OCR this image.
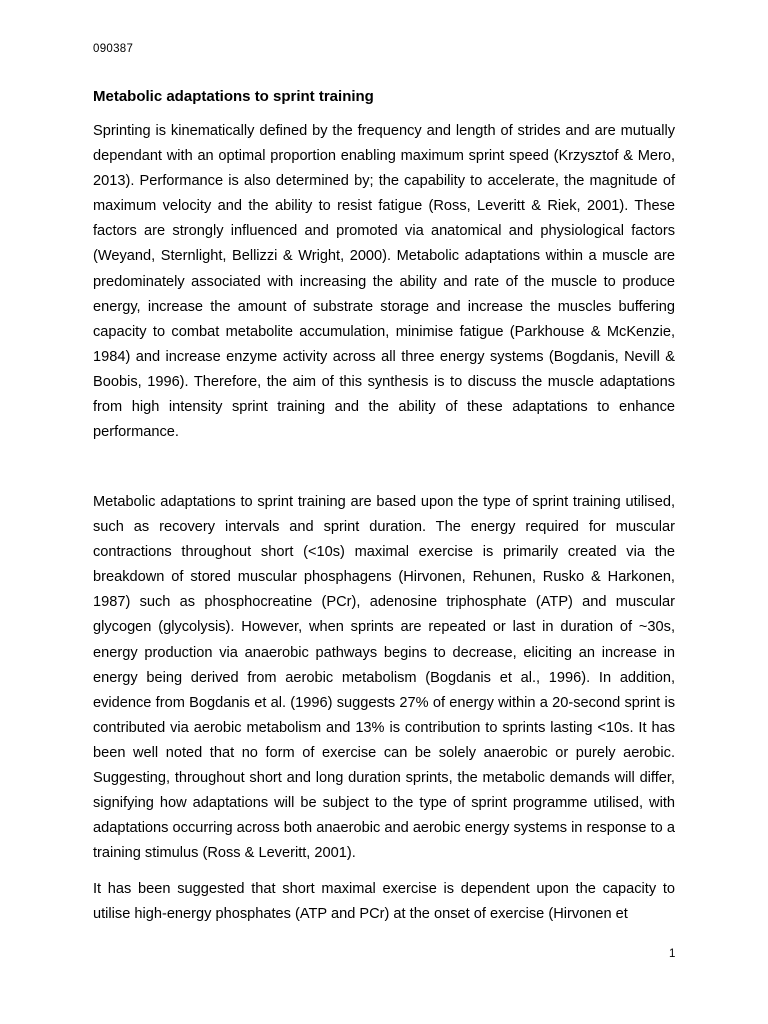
090387
Metabolic adaptations to sprint training

Sprinting is kinematically defined by the frequency and length of strides and are mutually dependant with an optimal proportion enabling maximum sprint speed (Krzysztof & Mero, 2013). Performance is also determined by; the capability to accelerate, the magnitude of maximum velocity and the ability to resist fatigue (Ross, Leveritt & Riek, 2001). These factors are strongly influenced and promoted via anatomical and physiological factors (Weyand, Sternlight, Bellizzi & Wright, 2000). Metabolic adaptations within a muscle are predominately associated with increasing the ability and rate of the muscle to produce energy, increase the amount of substrate storage and increase the muscles buffering capacity to combat metabolite accumulation, minimise fatigue (Parkhouse & McKenzie, 1984) and increase enzyme activity across all three energy systems (Bogdanis, Nevill & Boobis, 1996). Therefore, the aim of this synthesis is to discuss the muscle adaptations from high intensity sprint training and the ability of these adaptations to enhance performance.

Metabolic adaptations to sprint training are based upon the type of sprint training utilised, such as recovery intervals and sprint duration. The energy required for muscular contractions throughout short (<10s) maximal exercise is primarily created via the breakdown of stored muscular phosphagens (Hirvonen, Rehunen, Rusko & Harkonen, 1987) such as phosphocreatine (PCr), adenosine triphosphate (ATP) and muscular glycogen (glycolysis). However, when sprints are repeated or last in duration of ~30s, energy production via anaerobic pathways begins to decrease, eliciting an increase in energy being derived from aerobic metabolism (Bogdanis et al., 1996). In addition, evidence from Bogdanis et al. (1996) suggests 27% of energy within a 20-second sprint is contributed via aerobic metabolism and 13% is contribution to sprints lasting <10s. It has been well noted that no form of exercise can be solely anaerobic or purely aerobic. Suggesting, throughout short and long duration sprints, the metabolic demands will differ, signifying how adaptations will be subject to the type of sprint programme utilised, with adaptations occurring across both anaerobic and aerobic energy systems in response to a training stimulus (Ross & Leveritt, 2001).

It has been suggested that short maximal exercise is dependent upon the capacity to utilise high-energy phosphates (ATP and PCr) at the onset of exercise (Hirvonen et

1
